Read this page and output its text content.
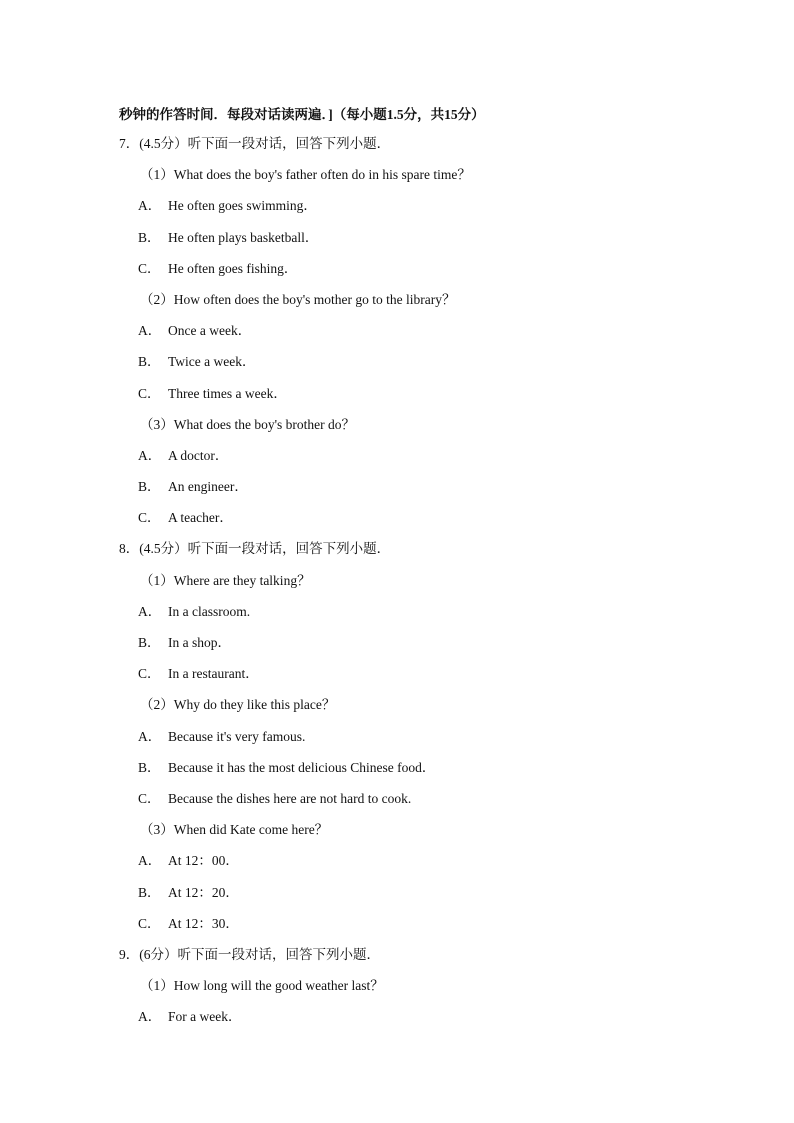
秒钟的作答时间．每段对话读两遍．]（每小题1.5分，共15分）
7．(4.5分）听下面一段对话，回答下列小题．
（1）What does the boy's father often do in his spare time？
A． He often goes swimming．
B． He often plays basketball．
C． He often goes fishing．
（2）How often does the boy's mother go to the library？
A． Once a week．
B． Twice a week．
C． Three times a week．
（3）What does the boy's brother do？
A． A doctor．
B． An engineer．
C． A teacher．
8．(4.5分）听下面一段对话，回答下列小题．
（1）Where are they talking？
A． In a classroom.
B． In a shop．
C． In a restaurant．
（2）Why do they like this place？
A． Because it's very famous.
B． Because it has the most delicious Chinese food．
C． Because the dishes here are not hard to cook.
（3）When did Kate come here？
A． At 12：00．
B． At 12：20．
C． At 12：30．
9．(6分）听下面一段对话，回答下列小题．
（1）How long will the good weather last？
A． For a week．
